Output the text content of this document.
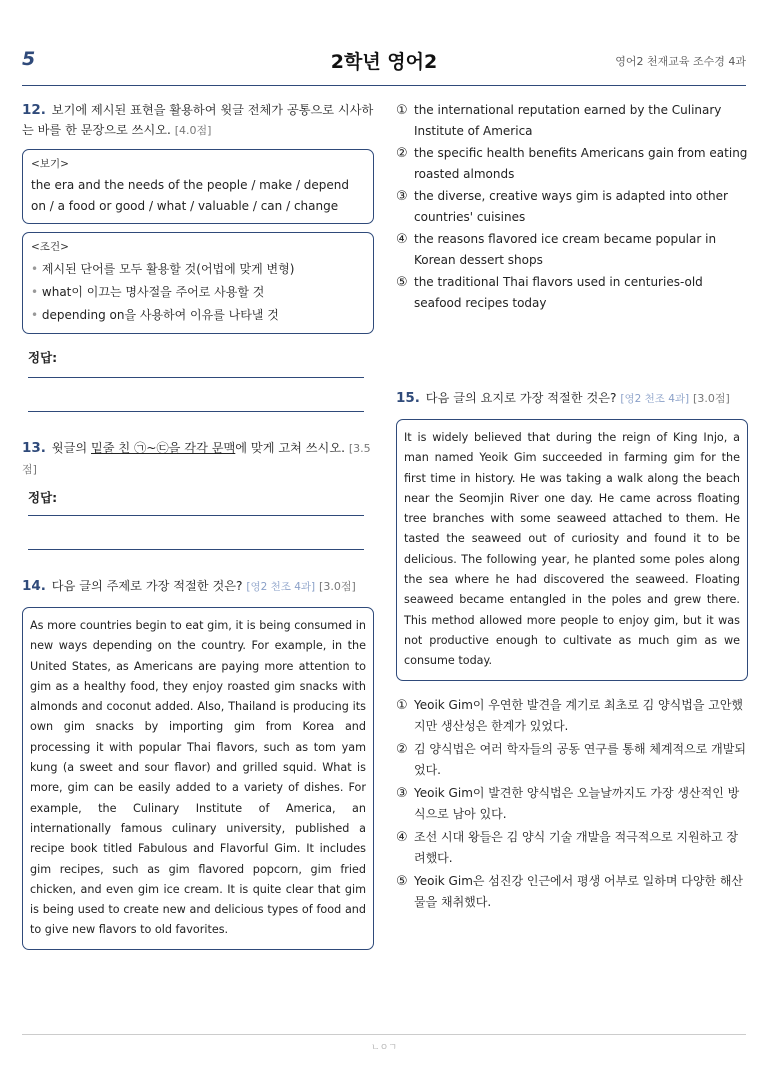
5	2학년 영어2	영어2 천재교육 조수경 4과
12. 보기에 제시된 표현을 활용하여 윗글 전체가 공통으로 시사하는 바를 한 문장으로 쓰시오. [4.0점]
<보기>
the era and the needs of the people / make / depend on / a food or good / what / valuable / can / change
<조건>
• 제시된 단어를 모두 활용할 것(어법에 맞게 변형)
• what이 이끄는 명사절을 주어로 사용할 것
• depending on을 사용하여 이유를 나타낼 것
정답:
13. 윗글의 밑줄 친 ㉠~㉢을 각각 문맥에 맞게 고쳐 쓰시오. [3.5점]
정답:
14. 다음 글의 주제로 가장 적절한 것은? [영2 천조 4과] [3.0점]
As more countries begin to eat gim, it is being consumed in new ways depending on the country. For example, in the United States, as Americans are paying more attention to gim as a healthy food, they enjoy roasted gim snacks with almonds and coconut added. Also, Thailand is producing its own gim snacks by importing gim from Korea and processing it with popular Thai flavors, such as tom yam kung (a sweet and sour flavor) and grilled squid. What is more, gim can be easily added to a variety of dishes. For example, the Culinary Institute of America, an internationally famous culinary university, published a recipe book titled Fabulous and Flavorful Gim. It includes gim recipes, such as gim flavored popcorn, gim fried chicken, and even gim ice cream. It is quite clear that gim is being used to create new and delicious types of food and to give new flavors to old favorites.
① the international reputation earned by the Culinary Institute of America
② the specific health benefits Americans gain from eating roasted almonds
③ the diverse, creative ways gim is adapted into other countries' cuisines
④ the reasons flavored ice cream became popular in Korean dessert shops
⑤ the traditional Thai flavors used in centuries-old seafood recipes today
15. 다음 글의 요지로 가장 적절한 것은? [영2 천조 4과] [3.0점]
It is widely believed that during the reign of King Injo, a man named Yeoik Gim succeeded in farming gim for the first time in history. He was taking a walk along the beach near the Seomjin River one day. He came across floating tree branches with some seaweed attached to them. He tasted the seaweed out of curiosity and found it to be delicious. The following year, he planted some poles along the sea where he had discovered the seaweed. Floating seaweed became entangled in the poles and grew there. This method allowed more people to enjoy gim, but it was not productive enough to cultivate as much gim as we consume today.
① Yeoik Gim이 우연한 발견을 계기로 최초로 김 양식법을 고안했지만 생산성은 한계가 있었다.
② 김 양식법은 여러 학자들의 공동 연구를 통해 체계적으로 개발되었다.
③ Yeoik Gim이 발견한 양식법은 오늘날까지도 가장 생산적인 방식으로 남아 있다.
④ 조선 시대 왕들은 김 양식 기술 개발을 적극적으로 지원하고 장려했다.
⑤ Yeoik Gim은 섬진강 인근에서 평생 어부로 일하며 다양한 해산물을 채취했다.
ㄴㅇㄱ
